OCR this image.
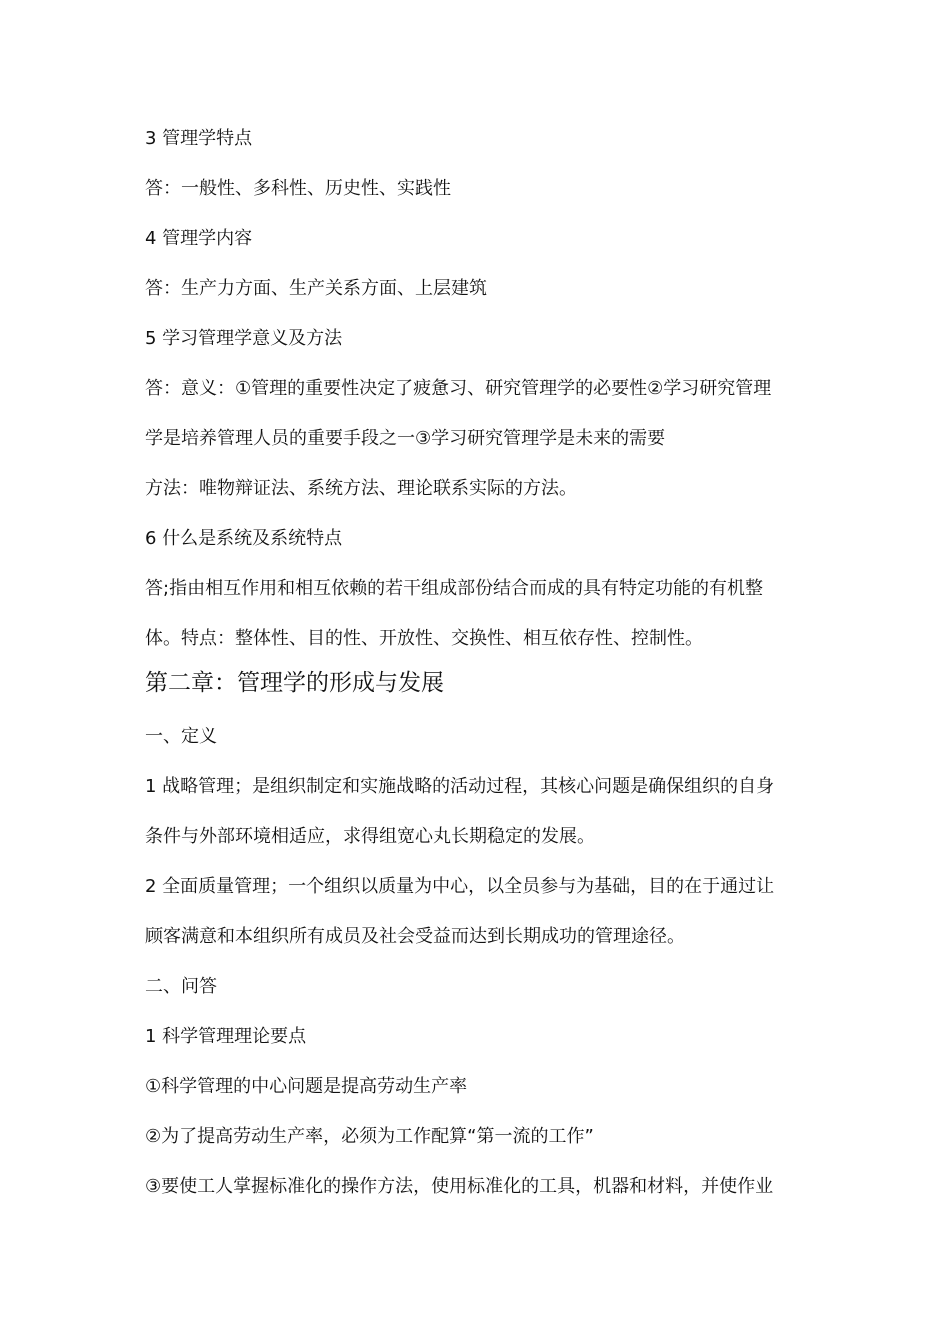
3 管理学特点
答：一般性、多科性、历史性、实践性
4 管理学内容
答：生产力方面、生产关系方面、上层建筑
5 学习管理学意义及方法
答：意义：①管理的重要性决定了疲惫习、研究管理学的必要性②学习研究管理
学是培养管理人员的重要手段之一③学习研究管理学是未来的需要
方法：唯物辩证法、系统方法、理论联系实际的方法。
6 什么是系统及系统特点
答;指由相互作用和相互依赖的若干组成部份结合而成的具有特定功能的有机整
体。特点：整体性、目的性、开放性、交换性、相互依存性、控制性。
第二章：管理学的形成与发展
一、定义
1 战略管理；是组织制定和实施战略的活动过程，其核心问题是确保组织的自身
条件与外部环境相适应，求得组宽心丸长期稳定的发展。
2 全面质量管理；一个组织以质量为中心，以全员参与为基础，目的在于通过让
顾客满意和本组织所有成员及社会受益而达到长期成功的管理途径。
二、问答
1 科学管理理论要点
①科学管理的中心问题是提高劳动生产率
②为了提高劳动生产率，必须为工作配算“第一流的工作”
③要使工人掌握标准化的操作方法，使用标准化的工具，机器和材料，并使作业
